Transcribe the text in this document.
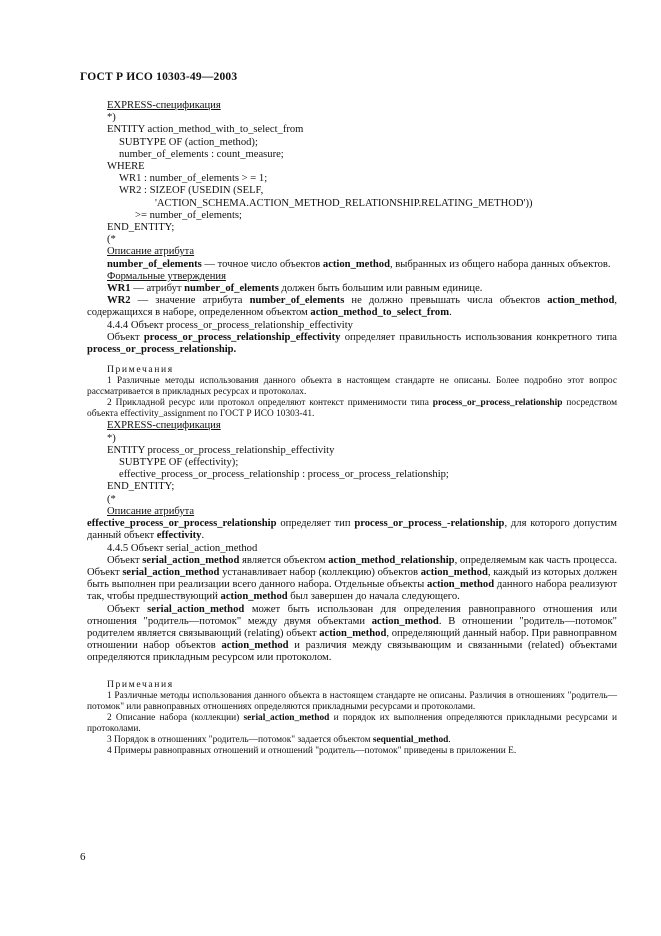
ГОСТ Р ИСО 10303-49—2003
EXPRESS-спецификация
*)
ENTITY action_method_with_to_select_from
SUBTYPE OF (action_method);
number_of_elements : count_measure;
WHERE
WR1 : number_of_elements > = 1;
WR2 : SIZEOF (USEDIN (SELF,
'ACTION_SCHEMA.ACTION_METHOD_RELATIONSHIP.RELATING_METHOD'))
>= number_of_elements;
END_ENTITY;
(*
Описание атрибута
number_of_elements — точное число объектов action_method, выбранных из общего набора данных объектов.
Формальные утверждения
WR1 — атрибут number_of_elements должен быть большим или равным единице.
WR2 — значение атрибута number_of_elements не должно превышать числа объектов action_method, содержащихся в наборе, определенном объектом action_method_to_select_from.
4.4.4 Объект process_or_process_relationship_effectivity
Объект process_or_process_relationship_effectivity определяет правильность использования конкретного типа process_or_process_relationship.
Примечания
1 Различные методы использования данного объекта в настоящем стандарте не описаны. Более подробно этот вопрос рассматривается в прикладных ресурсах и протоколах.
2 Прикладной ресурс или протокол определяют контекст применимости типа process_or_process_relationship посредством объекта effectivity_assignment по ГОСТ Р ИСО 10303-41.
EXPRESS-спецификация
*)
ENTITY process_or_process_relationship_effectivity
SUBTYPE OF (effectivity);
effective_process_or_process_relationship : process_or_process_relationship;
END_ENTITY;
(*
Описание атрибута
effective_process_or_process_relationship определяет тип process_or_process_-relationship, для которого допустим данный объект effectivity.
4.4.5 Объект serial_action_method
Объект serial_action_method является объектом action_method_relationship, определяемым как часть процесса. Объект serial_action_method устанавливает набор (коллекцию) объектов action_method, каждый из которых должен быть выполнен при реализации всего данного набора. Отдельные объекты action_method данного набора реализуют так, чтобы предшествующий action_method был завершен до начала следующего.
Объект serial_action_method может быть использован для определения равноправного отношения или отношения "родитель—потомок" между двумя объектами action_method. В отношении "родитель—потомок" родителем является связывающий (relating) объект action_method, определяющий данный набор. При равноправном отношении набор объектов action_method и различия между связывающим и связанными (related) объектами определяются прикладным ресурсом или протоколом.
Примечания
1 Различные методы использования данного объекта в настоящем стандарте не описаны. Различия в отношениях "родитель—потомок" или равноправных отношениях определяются прикладными ресурсами и протоколами.
2 Описание набора (коллекции) serial_action_method и порядок их выполнения определяются прикладными ресурсами и протоколами.
3 Порядок в отношениях "родитель—потомок" задается объектом sequential_method.
4 Примеры равноправных отношений и отношений "родитель—потомок" приведены в приложении Е.
6
